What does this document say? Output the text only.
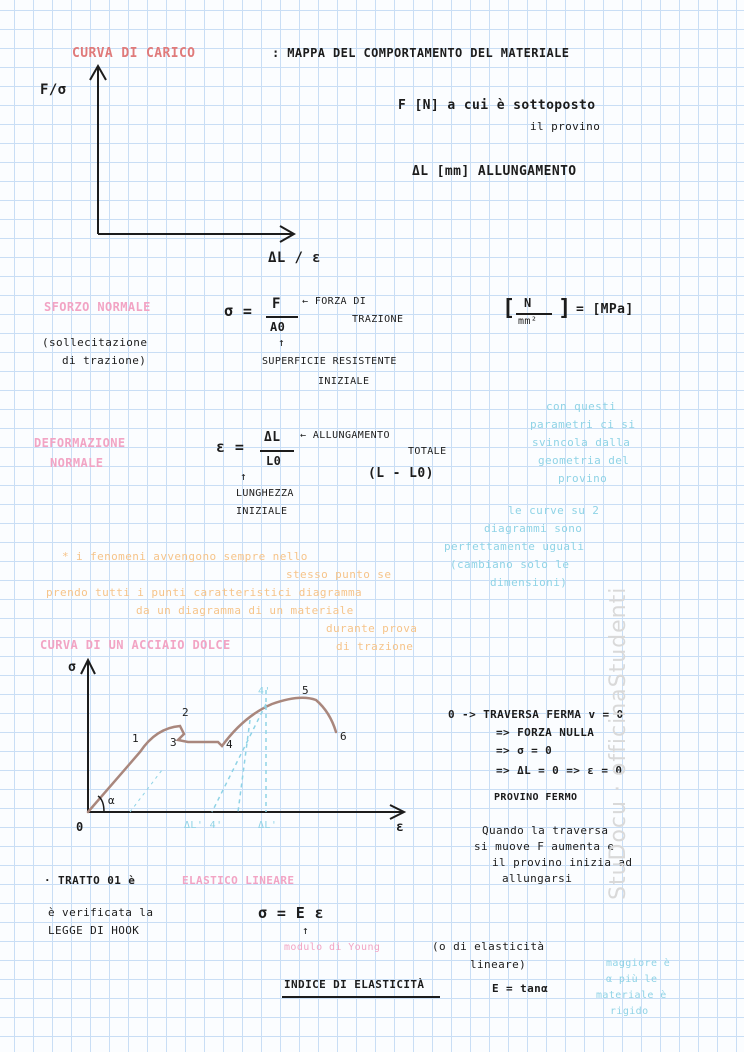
CURVA DI CARICO	: MAPPA DEL COMPORTAMENTO DEL MATERIALE
F/σ
ΔL / ε
F [N] a cui è sottoposto
il provino
ΔL [mm] ALLUNGAMENTO
SFORZO NORMALE
(sollecitazione
di trazione)
σ = F
A0
← FORZA DI
TRAZIONE
↑
SUPERFICIE RESISTENTE
INIZIALE
[ N
mm²
] = [MPa]
con questi
parametri ci si
svincola dalla
geometria del
provino
DEFORMAZIONE
NORMALE
ε =
ΔL
L0
← ALLUNGAMENTO
TOTALE
(L - L0)
↑
LUNGHEZZA
INIZIALE	le curve su 2
diagrammi sono
perfettamente uguali
(cambiano solo le
dimensioni)
* i fenomeni avvengono sempre nello
stesso punto se
prendo tutti i punti caratteristici diagramma
da un diagramma di un materiale
durante prova
di trazione
CURVA DI UN ACCIAIO DOLCE
σ
ε
0
α
1
2
3	4
5
6
4'
ΔL' 4'	ΔL'
0 -> TRAVERSA FERMA v = 0
=> FORZA NULLA
=> σ = 0
=> ΔL = 0 => ε = 0
PROVINO FERMO
Quando la traversa
si muove F aumenta e
il provino inizia ad
allungarsi
· TRATTO 01 è	ELASTICO LINEARE
è verificata la
LEGGE DI HOOK
σ = E ε
↑
modulo di Young	(o di elasticità
lineare)
INDICE DI ELASTICITÀ	E = tanα
maggiore è
α più le
materiale è
rigido
StuDocu · officinaStudenti
